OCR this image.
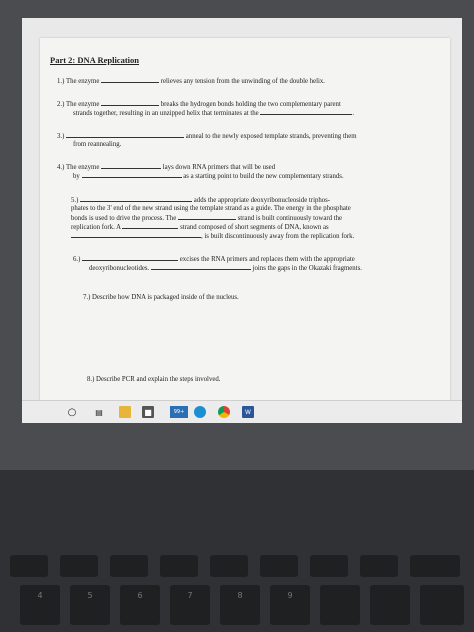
Part 2: DNA Replication
1.) The enzyme	relieves any tension from the unwinding of the double helix.
2.) The enzyme	breaks the hydrogen bonds holding the two complementary parent
strands together, resulting in an unzipped helix that terminates at the	.
3.)	anneal to the newly exposed template strands, preventing them
from reannealing.
4.) The enzyme	lays down RNA primers that will be used
by	as a starting point to build the new complementary strands.
5.)	adds the appropriate deoxyribonucleoside triphos-
phates to the 3' end of the new strand using the template strand as a guide. The energy in the phosphate
bonds is used to drive the process. The	strand is built continuously toward the
replication fork. A	strand composed of short segments of DNA, known as
, is built discontinuously away from the replication fork.
6.)	excises the RNA primers and replaces them with the appropriate
deoxyribonucleotides.	joins the gaps in the Okazaki fragments.
7.) Describe how DNA is packaged inside of the nucleus.
8.) Describe PCR and explain the steps involved.
○ ▤	■	99+	W
4	5	6	7	8	9
